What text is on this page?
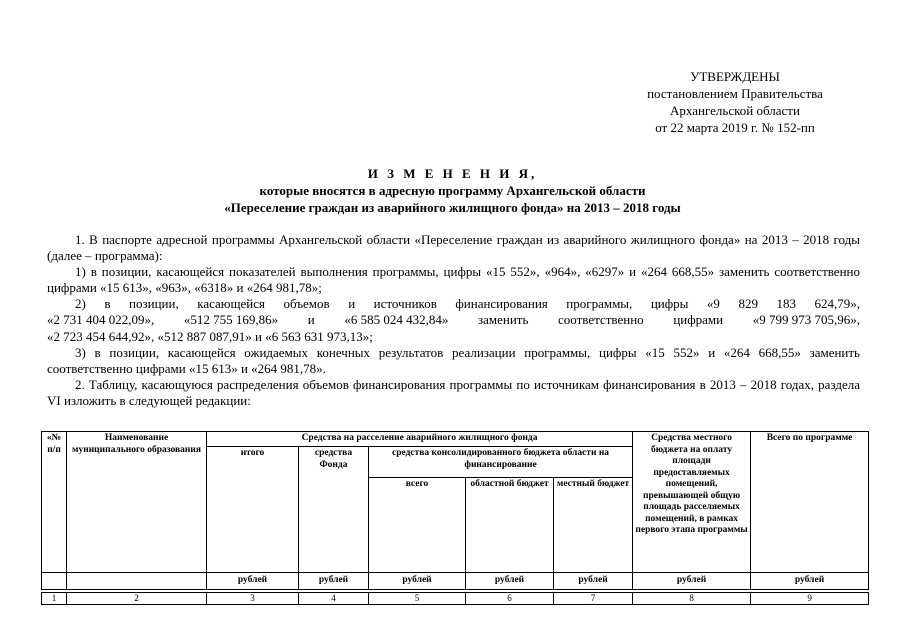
УТВЕРЖДЕНЫ
постановлением Правительства
Архангельской области
от 22 марта 2019 г. № 152-пп
И З М Е Н Е Н И Я,
которые вносятся в адресную программу Архангельской области
«Переселение граждан из аварийного жилищного фонда» на 2013 – 2018 годы

1. В паспорте адресной программы Архангельской области «Переселение граждан из аварийного жилищного фонда» на 2013 – 2018 годы (далее – программа):

1) в позиции, касающейся показателей выполнения программы, цифры «15 552», «964», «6297» и «264 668,55» заменить соответственно цифрами «15 613», «963», «6318» и «264 981,78»;

2) в позиции, касающейся объемов и источников финансирования программы, цифры «9 829 183 624,79»,

«2 731 404 022,09», «512 755 169,86» и «6 585 024 432,84» заменить соответственно цифрами «9 799 973 705,96»,

«2 723 454 644,92», «512 887 087,91» и «6 563 631 973,13»;

3) в позиции, касающейся ожидаемых конечных результатов реализации программы, цифры «15 552» и «264 668,55» заменить соответственно цифрами «15 613» и «264 981,78».

2. Таблицу, касающуюся распределения объемов финансирования программы по источникам финансирования в 2013 – 2018 годах, раздела VI изложить в следующей редакции:

«№ п/п	Наименование муниципального образования	Средства на расселение аварийного жилищного фонда					Средства местного бюджета на оплату площади предоставляемых помещений, превышающей общую площадь расселяемых помещений, в рамках первого этапа программы	Всего по программе
		итого	средства Фонда	средства консолидированного бюджета области на финансирование				
				всего	областной бюджет	местный бюджет		
		рублей	рублей	рублей	рублей	рублей	рублей	рублей

1	2	3	4	5	6	7	8	9
